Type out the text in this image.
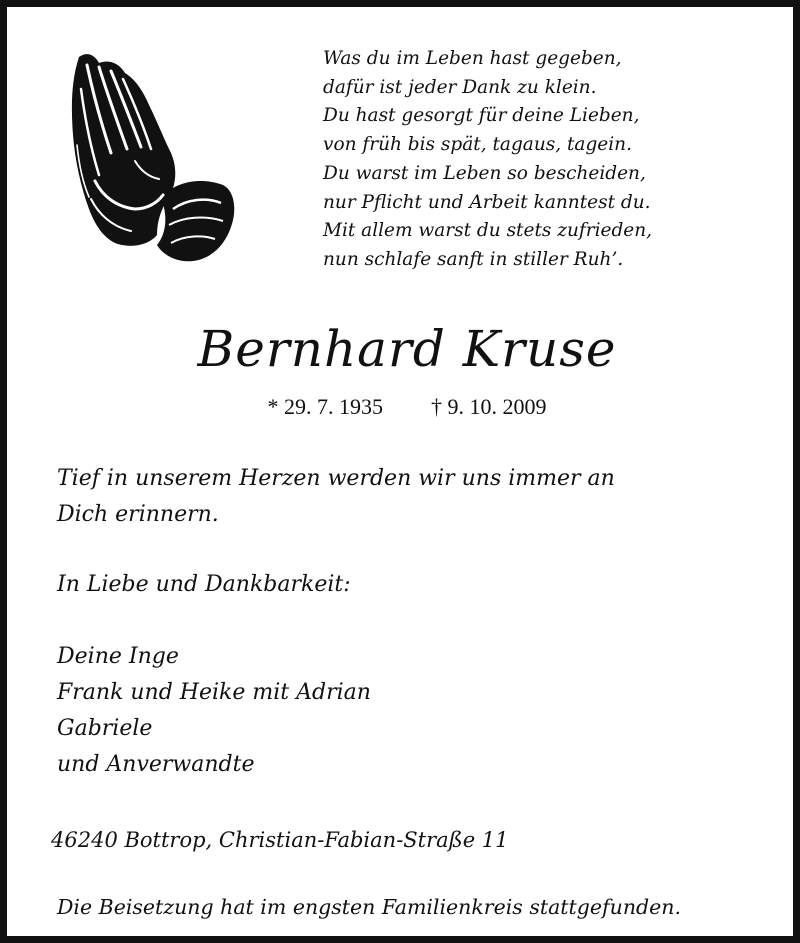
Was du im Leben hast gegeben,
dafür ist jeder Dank zu klein.
Du hast gesorgt für deine Lieben,
von früh bis spät, tagaus, tagein.
Du warst im Leben so bescheiden,
nur Pflicht und Arbeit kanntest du.
Mit allem warst du stets zufrieden,
nun schlafe sanft in stiller Ruh’.
Bernhard Kruse
* 29. 7. 1935 † 9. 10. 2009
Tief in unserem Herzen werden wir uns immer an
Dich erinnern.
In Liebe und Dankbarkeit:
Deine Inge
Frank und Heike mit Adrian
Gabriele
und Anverwandte
46240 Bottrop, Christian-Fabian-Straße 11
Die Beisetzung hat im engsten Familienkreis stattgefunden.
